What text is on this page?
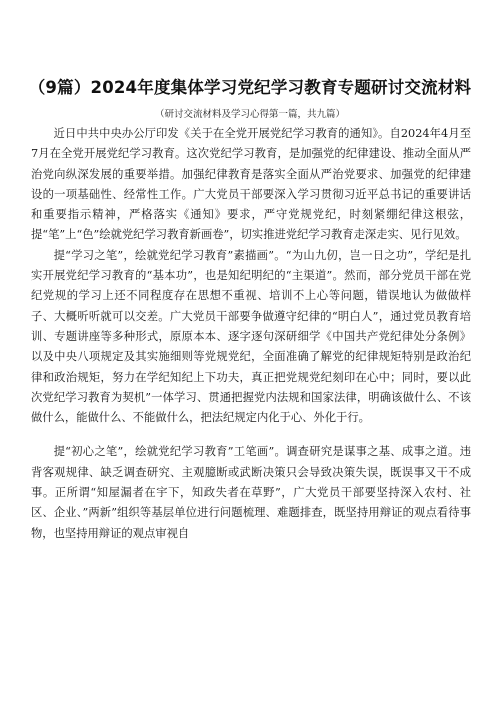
（9篇）2024年度集体学习党纪学习教育专题研讨交流材料
（研讨交流材料及学习心得第一篇，共九篇）

近日中共中央办公厅印发《关于在全党开展党纪学习教育的通知》。自2024年4月至7月在全党开展党纪学习教育。这次党纪学习教育，是加强党的纪律建设、推动全面从严治党向纵深发展的重要举措。加强纪律教育是落实全面从严治党要求、加强党的纪律建设的一项基础性、经常性工作。广大党员干部要深入学习贯彻习近平总书记的重要讲话和重要指示精神，严格落实《通知》要求，严守党规党纪，时刻紧绷纪律这根弦，提“笔”上“色”绘就党纪学习教育新画卷”，切实推进党纪学习教育走深走实、见行见效。

提“学习之笔”，绘就党纪学习教育”素描画”。“为山九仞，岂一日之功”，学纪是扎实开展党纪学习教育的“基本功”，也是知纪明纪的“主渠道”。然而，部分党员干部在党纪党规的学习上还不同程度存在思想不重视、培训不上心等问题，错误地认为做做样子、大概听听就可以交差。广大党员干部要争做遵守纪律的“明白人”，通过党员教育培训、专题讲座等多种形式，原原本本、逐字逐句深研细学《中国共产党纪律处分条例》以及中央八项规定及其实施细则等党规党纪，全面准确了解党的纪律规矩特别是政治纪律和政治规矩，努力在学纪知纪上下功夫，真正把党规党纪刻印在心中；同时，要以此次党纪学习教育为契机”一体学习、贯通把握党内法规和国家法律，明确该做什么、不该做什么，能做什么、不能做什么，把法纪规定内化于心、外化于行。

提“初心之笔”，绘就党纪学习教育”工笔画”。调查研究是谋事之基、成事之道。违背客观规律、缺乏调查研究、主观臆断或武断决策只会导致决策失误，既误事又干不成事。正所谓“知屋漏者在宇下，知政失者在草野”，广大党员干部要坚持深入农村、社区、企业、”两新”组织等基层单位进行问题梳理、难题排查，既坚持用辩证的观点看待事物，也坚持用辩证的观点审视自
